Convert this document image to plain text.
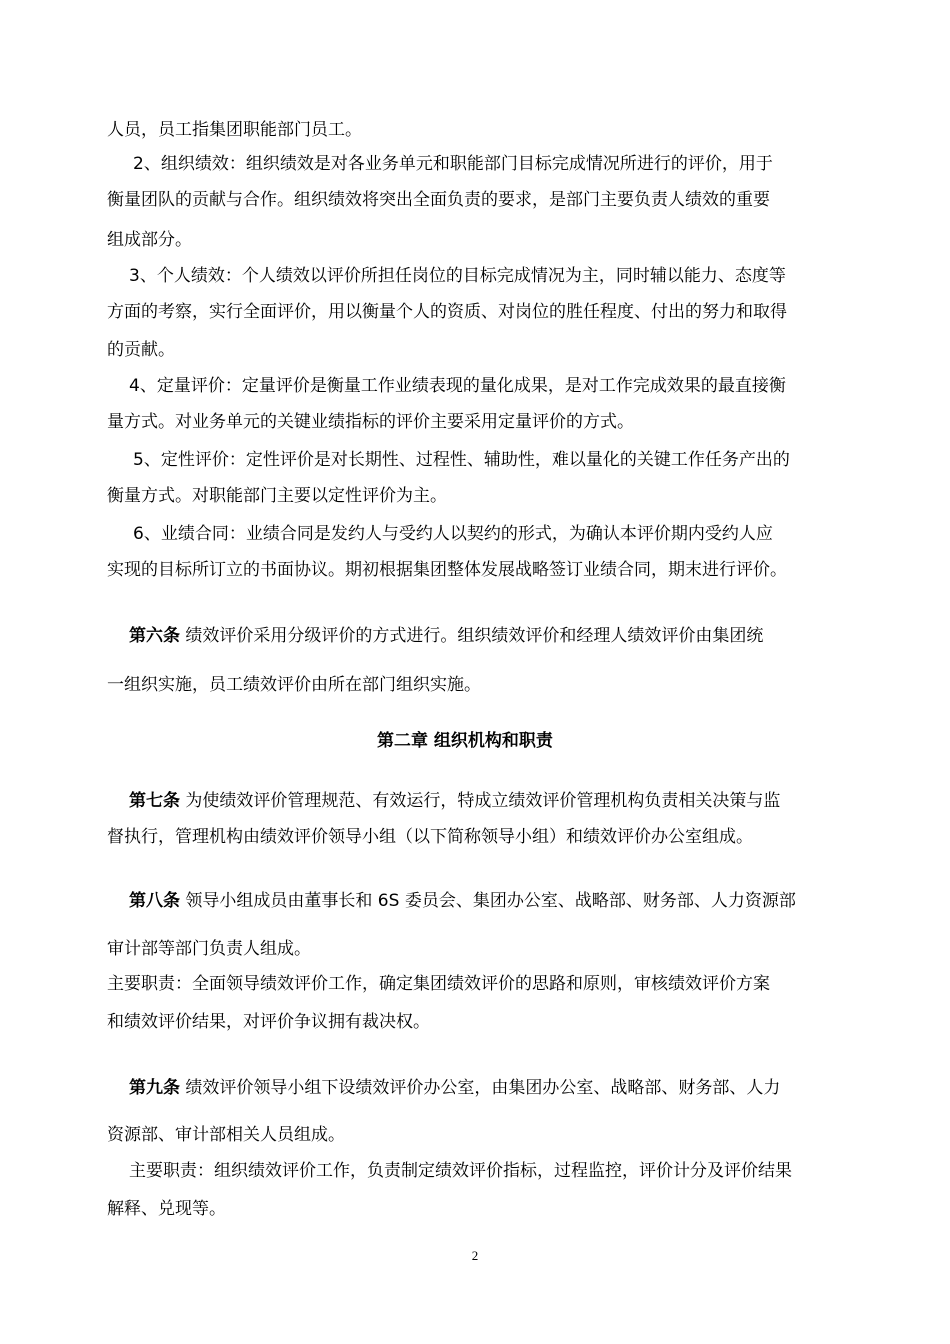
人员，员工指集团职能部门员工。
2、组织绩效：组织绩效是对各业务单元和职能部门目标完成情况所进行的评价，用于
衡量团队的贡献与合作。组织绩效将突出全面负责的要求，是部门主要负责人绩效的重要
组成部分。
3、个人绩效：个人绩效以评价所担任岗位的目标完成情况为主，同时辅以能力、态度等
方面的考察，实行全面评价，用以衡量个人的资质、对岗位的胜任程度、付出的努力和取得
的贡献。
4、定量评价：定量评价是衡量工作业绩表现的量化成果，是对工作完成效果的最直接衡
量方式。对业务单元的关键业绩指标的评价主要采用定量评价的方式。
5、定性评价：定性评价是对长期性、过程性、辅助性，难以量化的关键工作任务产出的
衡量方式。对职能部门主要以定性评价为主。
6、业绩合同：业绩合同是发约人与受约人以契约的形式，为确认本评价期内受约人应
实现的目标所订立的书面协议。期初根据集团整体发展战略签订业绩合同，期末进行评价。
第六条 绩效评价采用分级评价的方式进行。组织绩效评价和经理人绩效评价由集团统
一组织实施，员工绩效评价由所在部门组织实施。
第二章 组织机构和职责
第七条 为使绩效评价管理规范、有效运行，特成立绩效评价管理机构负责相关决策与监
督执行，管理机构由绩效评价领导小组（以下简称领导小组）和绩效评价办公室组成。
第八条 领导小组成员由董事长和 6S 委员会、集团办公室、战略部、财务部、人力资源部
审计部等部门负责人组成。
主要职责：全面领导绩效评价工作，确定集团绩效评价的思路和原则，审核绩效评价方案
和绩效评价结果，对评价争议拥有裁决权。
第九条 绩效评价领导小组下设绩效评价办公室，由集团办公室、战略部、财务部、人力
资源部、审计部相关人员组成。
主要职责：组织绩效评价工作，负责制定绩效评价指标，过程监控，评价计分及评价结果
解释、兑现等。
2
